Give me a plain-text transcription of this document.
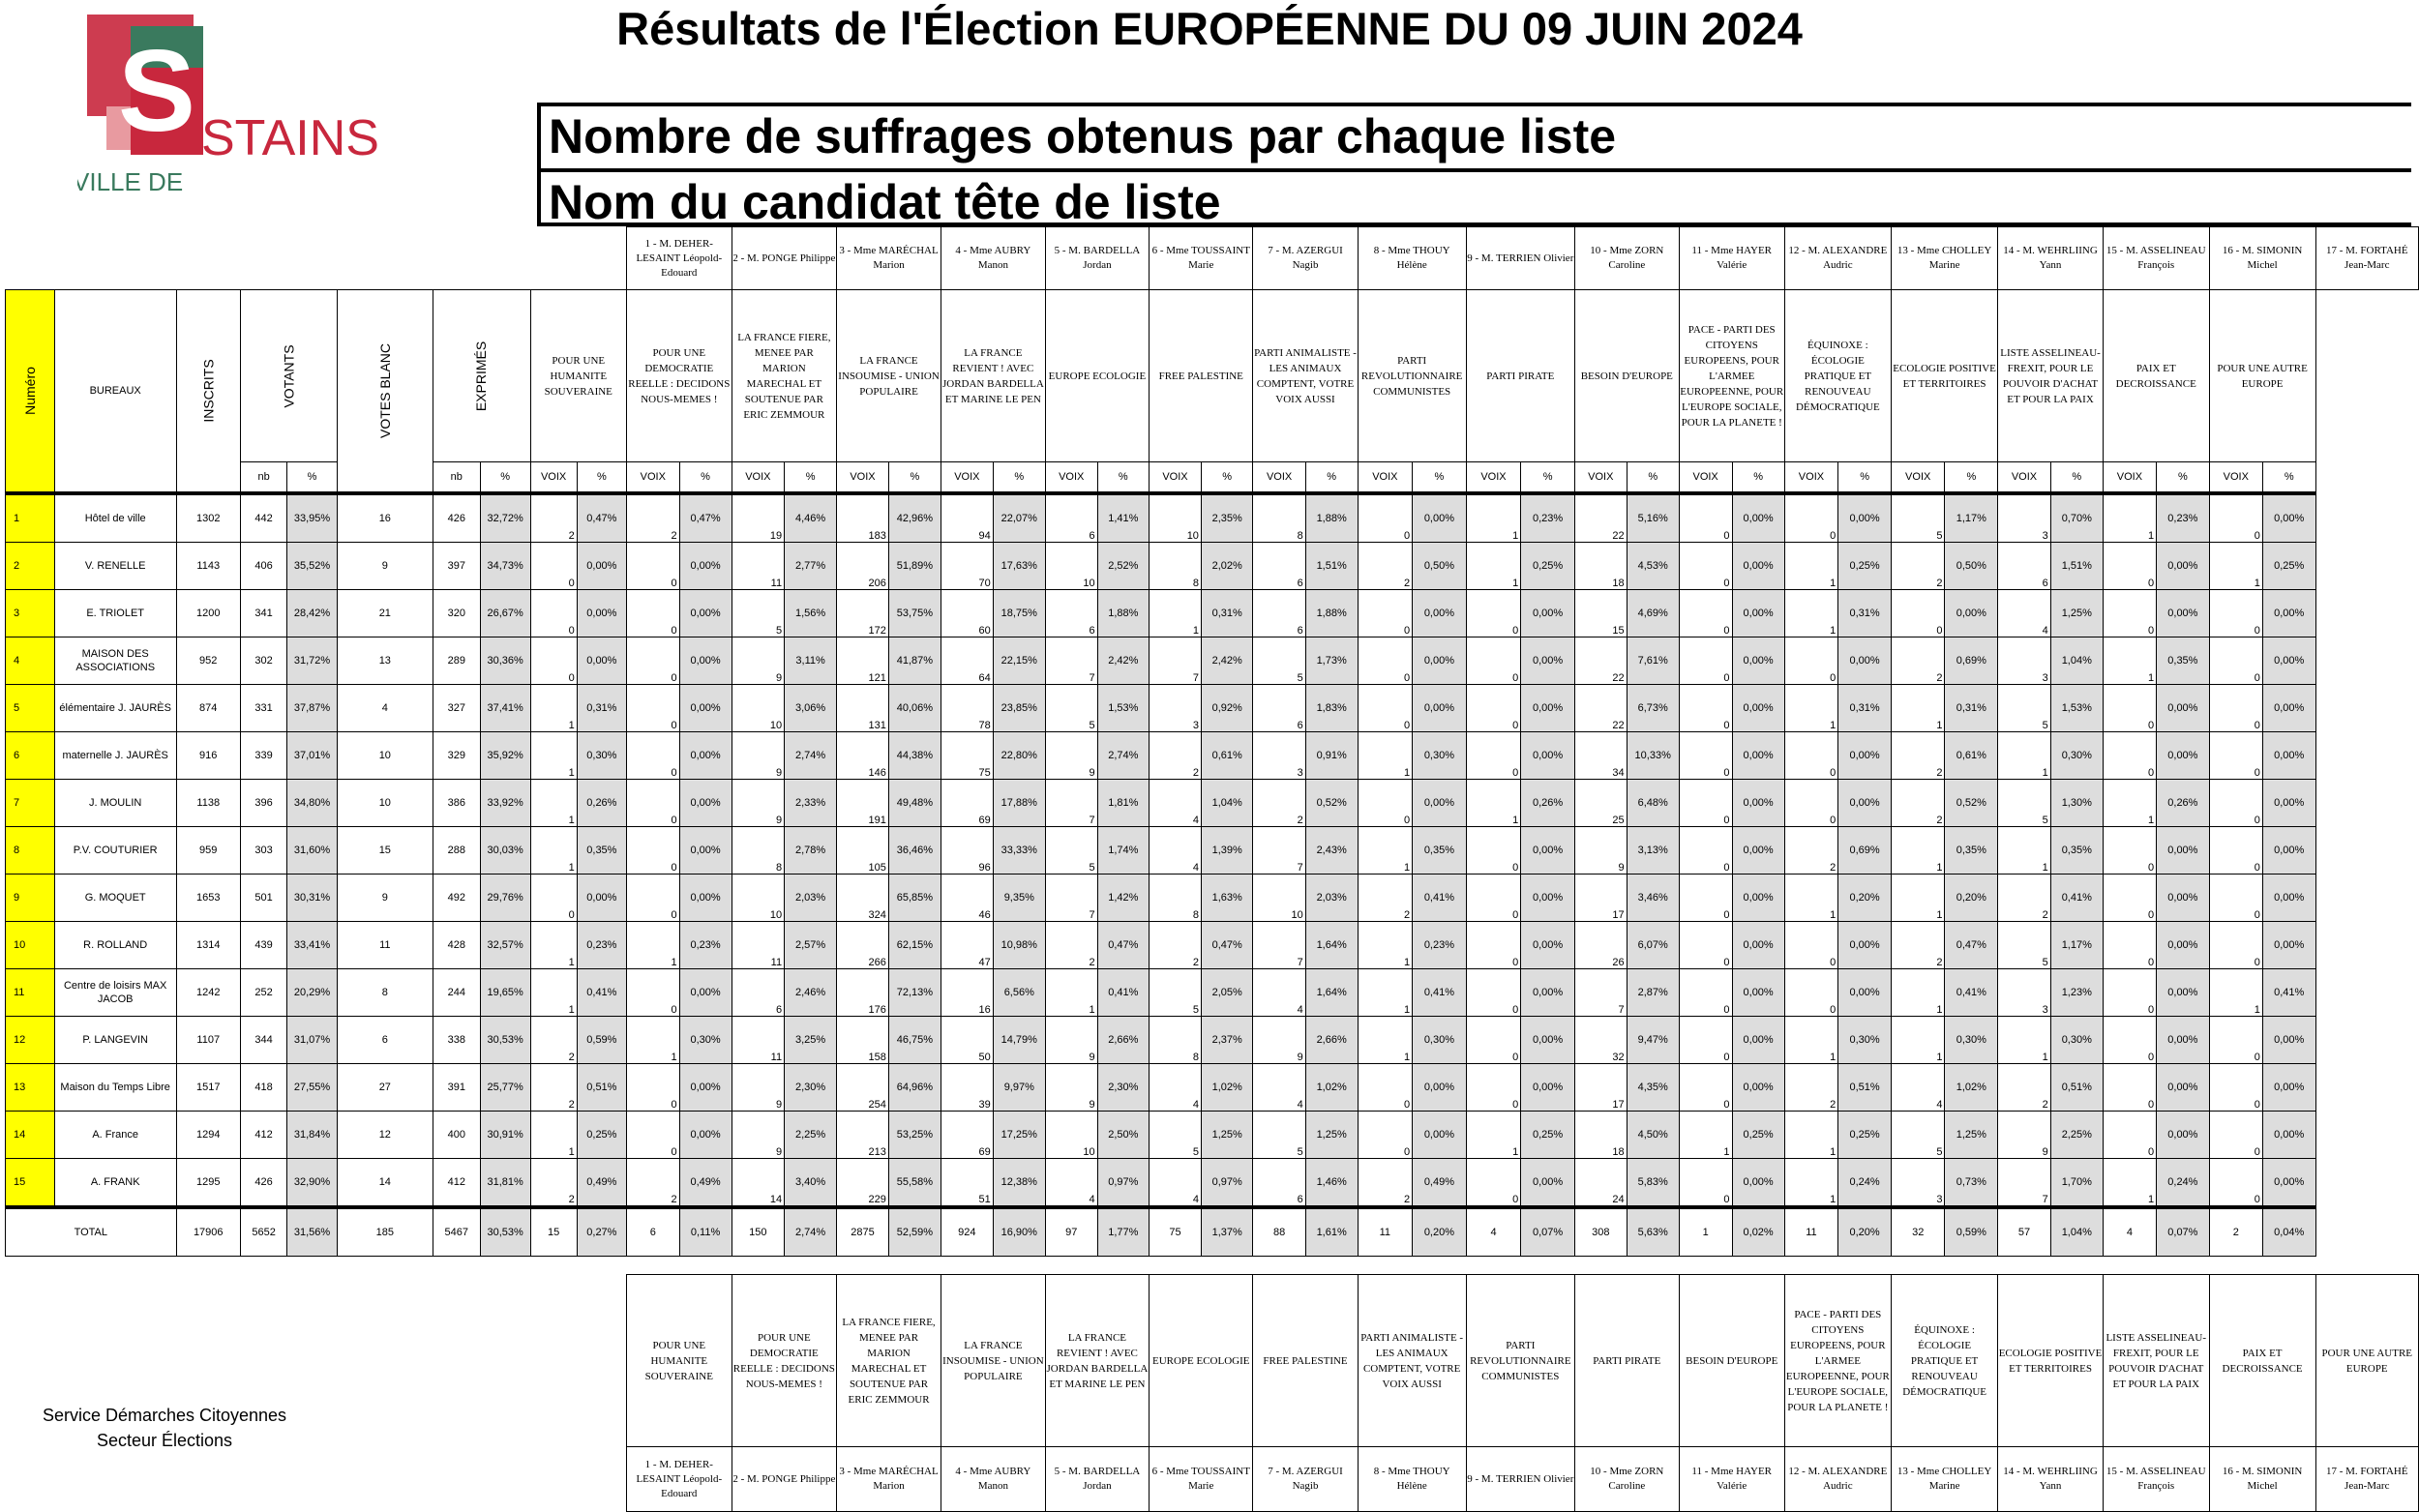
Résultats de l'Élection EUROPÉENNE DU 09 JUIN 2024
S STAINS
VILLE DE
Nombre de suffrages obtenus par chaque liste
Nom du candidat tête de liste
										1 - M. DEHER-LESAINT Léopold-Edouard		2 - M. PONGE Philippe		3 - Mme MARÉCHAL Marion		4 - Mme AUBRY Manon		5 - M. BARDELLA Jordan		6 - Mme TOUSSAINT Marie		7 - M. AZERGUI Nagib		8 - Mme THOUY Hélène		9 - M. TERRIEN Olivier		10 - Mme ZORN Caroline		11 - Mme HAYER Valérie		12 - M. ALEXANDRE Audric		13 - Mme CHOLLEY Marine		14 - M. WEHRLIING Yann		15 - M. ASSELINEAU François		16 - M. SIMONIN Michel		17 - M. FORTAHÉ Jean-Marc
Numéro	BUREAUX	INSCRITS	VOTANTS		VOTES BLANC	EXPRIMÉS		POUR UNE HUMANITE SOUVERAINE		POUR UNE DEMOCRATIE REELLE : DECIDONS NOUS-MEMES !		LA FRANCE FIERE, MENEE PAR MARION MARECHAL ET SOUTENUE PAR ERIC ZEMMOUR		LA FRANCE INSOUMISE - UNION POPULAIRE		LA FRANCE REVIENT ! AVEC JORDAN BARDELLA ET MARINE LE PEN		EUROPE ECOLOGIE		FREE PALESTINE		PARTI ANIMALISTE - LES ANIMAUX COMPTENT, VOTRE VOIX AUSSI		PARTI REVOLUTIONNAIRE COMMUNISTES		PARTI PIRATE		BESOIN D'EUROPE		PACE - PARTI DES CITOYENS EUROPEENS, POUR L'ARMEE EUROPEENNE, POUR L'EUROPE SOCIALE, POUR LA PLANETE !		ÉQUINOXE : ÉCOLOGIE PRATIQUE ET RENOUVEAU DÉMOCRATIQUE		ECOLOGIE POSITIVE ET TERRITOIRES		LISTE ASSELINEAU-FREXIT, POUR LE POUVOIR D'ACHAT ET POUR LA PAIX		PAIX ET DECROISSANCE		POUR UNE AUTRE EUROPE		
			nb	%		nb	%	VOIX	%	VOIX	%	VOIX	%	VOIX	%	VOIX	%	VOIX	%	VOIX	%	VOIX	%	VOIX	%	VOIX	%	VOIX	%	VOIX	%	VOIX	%	VOIX	%	VOIX	%	VOIX	%	VOIX	%	
1	Hôtel de ville	1302	442	33,95%	16	426	32,72%	2	0,47%	2	0,47%	19	4,46%	183	42,96%	94	22,07%	6	1,41%	10	2,35%	8	1,88%	0	0,00%	1	0,23%	22	5,16%	0	0,00%	0	0,00%	5	1,17%	3	0,70%	1	0,23%	0	0,00%	
2	V. RENELLE	1143	406	35,52%	9	397	34,73%	0	0,00%	0	0,00%	11	2,77%	206	51,89%	70	17,63%	10	2,52%	8	2,02%	6	1,51%	2	0,50%	1	0,25%	18	4,53%	0	0,00%	1	0,25%	2	0,50%	6	1,51%	0	0,00%	1	0,25%	
3	E. TRIOLET	1200	341	28,42%	21	320	26,67%	0	0,00%	0	0,00%	5	1,56%	172	53,75%	60	18,75%	6	1,88%	1	0,31%	6	1,88%	0	0,00%	0	0,00%	15	4,69%	0	0,00%	1	0,31%	0	0,00%	4	1,25%	0	0,00%	0	0,00%	
4	MAISON DES ASSOCIATIONS	952	302	31,72%	13	289	30,36%	0	0,00%	0	0,00%	9	3,11%	121	41,87%	64	22,15%	7	2,42%	7	2,42%	5	1,73%	0	0,00%	0	0,00%	22	7,61%	0	0,00%	0	0,00%	2	0,69%	3	1,04%	1	0,35%	0	0,00%	
5	élémentaire J. JAURÈS	874	331	37,87%	4	327	37,41%	1	0,31%	0	0,00%	10	3,06%	131	40,06%	78	23,85%	5	1,53%	3	0,92%	6	1,83%	0	0,00%	0	0,00%	22	6,73%	0	0,00%	1	0,31%	1	0,31%	5	1,53%	0	0,00%	0	0,00%	
6	maternelle J. JAURÈS	916	339	37,01%	10	329	35,92%	1	0,30%	0	0,00%	9	2,74%	146	44,38%	75	22,80%	9	2,74%	2	0,61%	3	0,91%	1	0,30%	0	0,00%	34	10,33%	0	0,00%	0	0,00%	2	0,61%	1	0,30%	0	0,00%	0	0,00%	
7	J. MOULIN	1138	396	34,80%	10	386	33,92%	1	0,26%	0	0,00%	9	2,33%	191	49,48%	69	17,88%	7	1,81%	4	1,04%	2	0,52%	0	0,00%	1	0,26%	25	6,48%	0	0,00%	0	0,00%	2	0,52%	5	1,30%	1	0,26%	0	0,00%	
8	P.V. COUTURIER	959	303	31,60%	15	288	30,03%	1	0,35%	0	0,00%	8	2,78%	105	36,46%	96	33,33%	5	1,74%	4	1,39%	7	2,43%	1	0,35%	0	0,00%	9	3,13%	0	0,00%	2	0,69%	1	0,35%	1	0,35%	0	0,00%	0	0,00%	
9	G. MOQUET	1653	501	30,31%	9	492	29,76%	0	0,00%	0	0,00%	10	2,03%	324	65,85%	46	9,35%	7	1,42%	8	1,63%	10	2,03%	2	0,41%	0	0,00%	17	3,46%	0	0,00%	1	0,20%	1	0,20%	2	0,41%	0	0,00%	0	0,00%	
10	R. ROLLAND	1314	439	33,41%	11	428	32,57%	1	0,23%	1	0,23%	11	2,57%	266	62,15%	47	10,98%	2	0,47%	2	0,47%	7	1,64%	1	0,23%	0	0,00%	26	6,07%	0	0,00%	0	0,00%	2	0,47%	5	1,17%	0	0,00%	0	0,00%	
11	Centre de loisirs MAX JACOB	1242	252	20,29%	8	244	19,65%	1	0,41%	0	0,00%	6	2,46%	176	72,13%	16	6,56%	1	0,41%	5	2,05%	4	1,64%	1	0,41%	0	0,00%	7	2,87%	0	0,00%	0	0,00%	1	0,41%	3	1,23%	0	0,00%	1	0,41%	
12	P. LANGEVIN	1107	344	31,07%	6	338	30,53%	2	0,59%	1	0,30%	11	3,25%	158	46,75%	50	14,79%	9	2,66%	8	2,37%	9	2,66%	1	0,30%	0	0,00%	32	9,47%	0	0,00%	1	0,30%	1	0,30%	1	0,30%	0	0,00%	0	0,00%	
13	Maison du Temps Libre	1517	418	27,55%	27	391	25,77%	2	0,51%	0	0,00%	9	2,30%	254	64,96%	39	9,97%	9	2,30%	4	1,02%	4	1,02%	0	0,00%	0	0,00%	17	4,35%	0	0,00%	2	0,51%	4	1,02%	2	0,51%	0	0,00%	0	0,00%	
14	A. France	1294	412	31,84%	12	400	30,91%	1	0,25%	0	0,00%	9	2,25%	213	53,25%	69	17,25%	10	2,50%	5	1,25%	5	1,25%	0	0,00%	1	0,25%	18	4,50%	1	0,25%	1	0,25%	5	1,25%	9	2,25%	0	0,00%	0	0,00%	
15	A. FRANK	1295	426	32,90%	14	412	31,81%	2	0,49%	2	0,49%	14	3,40%	229	55,58%	51	12,38%	4	0,97%	4	0,97%	6	1,46%	2	0,49%	0	0,00%	24	5,83%	0	0,00%	1	0,24%	3	0,73%	7	1,70%	1	0,24%	0	0,00%	
TOTAL		17906	5652	31,56%	185	5467	30,53%	15	0,27%	6	0,11%	150	2,74%	2875	52,59%	924	16,90%	97	1,77%	75	1,37%	88	1,61%	11	0,20%	4	0,07%	308	5,63%	1	0,02%	11	0,20%	32	0,59%	57	1,04%	4	0,07%	2	0,04%	

										POUR UNE HUMANITE SOUVERAINE		POUR UNE DEMOCRATIE REELLE : DECIDONS NOUS-MEMES !		LA FRANCE FIERE, MENEE PAR MARION MARECHAL ET SOUTENUE PAR ERIC ZEMMOUR		LA FRANCE INSOUMISE - UNION POPULAIRE		LA FRANCE REVIENT ! AVEC JORDAN BARDELLA ET MARINE LE PEN		EUROPE ECOLOGIE		FREE PALESTINE		PARTI ANIMALISTE - LES ANIMAUX COMPTENT, VOTRE VOIX AUSSI		PARTI REVOLUTIONNAIRE COMMUNISTES		PARTI PIRATE		BESOIN D'EUROPE		PACE - PARTI DES CITOYENS EUROPEENS, POUR L'ARMEE EUROPEENNE, POUR L'EUROPE SOCIALE, POUR LA PLANETE !		ÉQUINOXE : ÉCOLOGIE PRATIQUE ET RENOUVEAU DÉMOCRATIQUE		ECOLOGIE POSITIVE ET TERRITOIRES		LISTE ASSELINEAU-FREXIT, POUR LE POUVOIR D'ACHAT ET POUR LA PAIX		PAIX ET DECROISSANCE		POUR UNE AUTRE EUROPE
										1 - M. DEHER-LESAINT Léopold-Edouard		2 - M. PONGE Philippe		3 - Mme MARÉCHAL Marion		4 - Mme AUBRY Manon		5 - M. BARDELLA Jordan		6 - Mme TOUSSAINT Marie		7 - M. AZERGUI Nagib		8 - Mme THOUY Hélène		9 - M. TERRIEN Olivier		10 - Mme ZORN Caroline		11 - Mme HAYER Valérie		12 - M. ALEXANDRE Audric		13 - Mme CHOLLEY Marine		14 - M. WEHRLIING Yann		15 - M. ASSELINEAU François		16 - M. SIMONIN Michel		17 - M. FORTAHÉ Jean-Marc
Service Démarches Citoyennes
Secteur Élections
